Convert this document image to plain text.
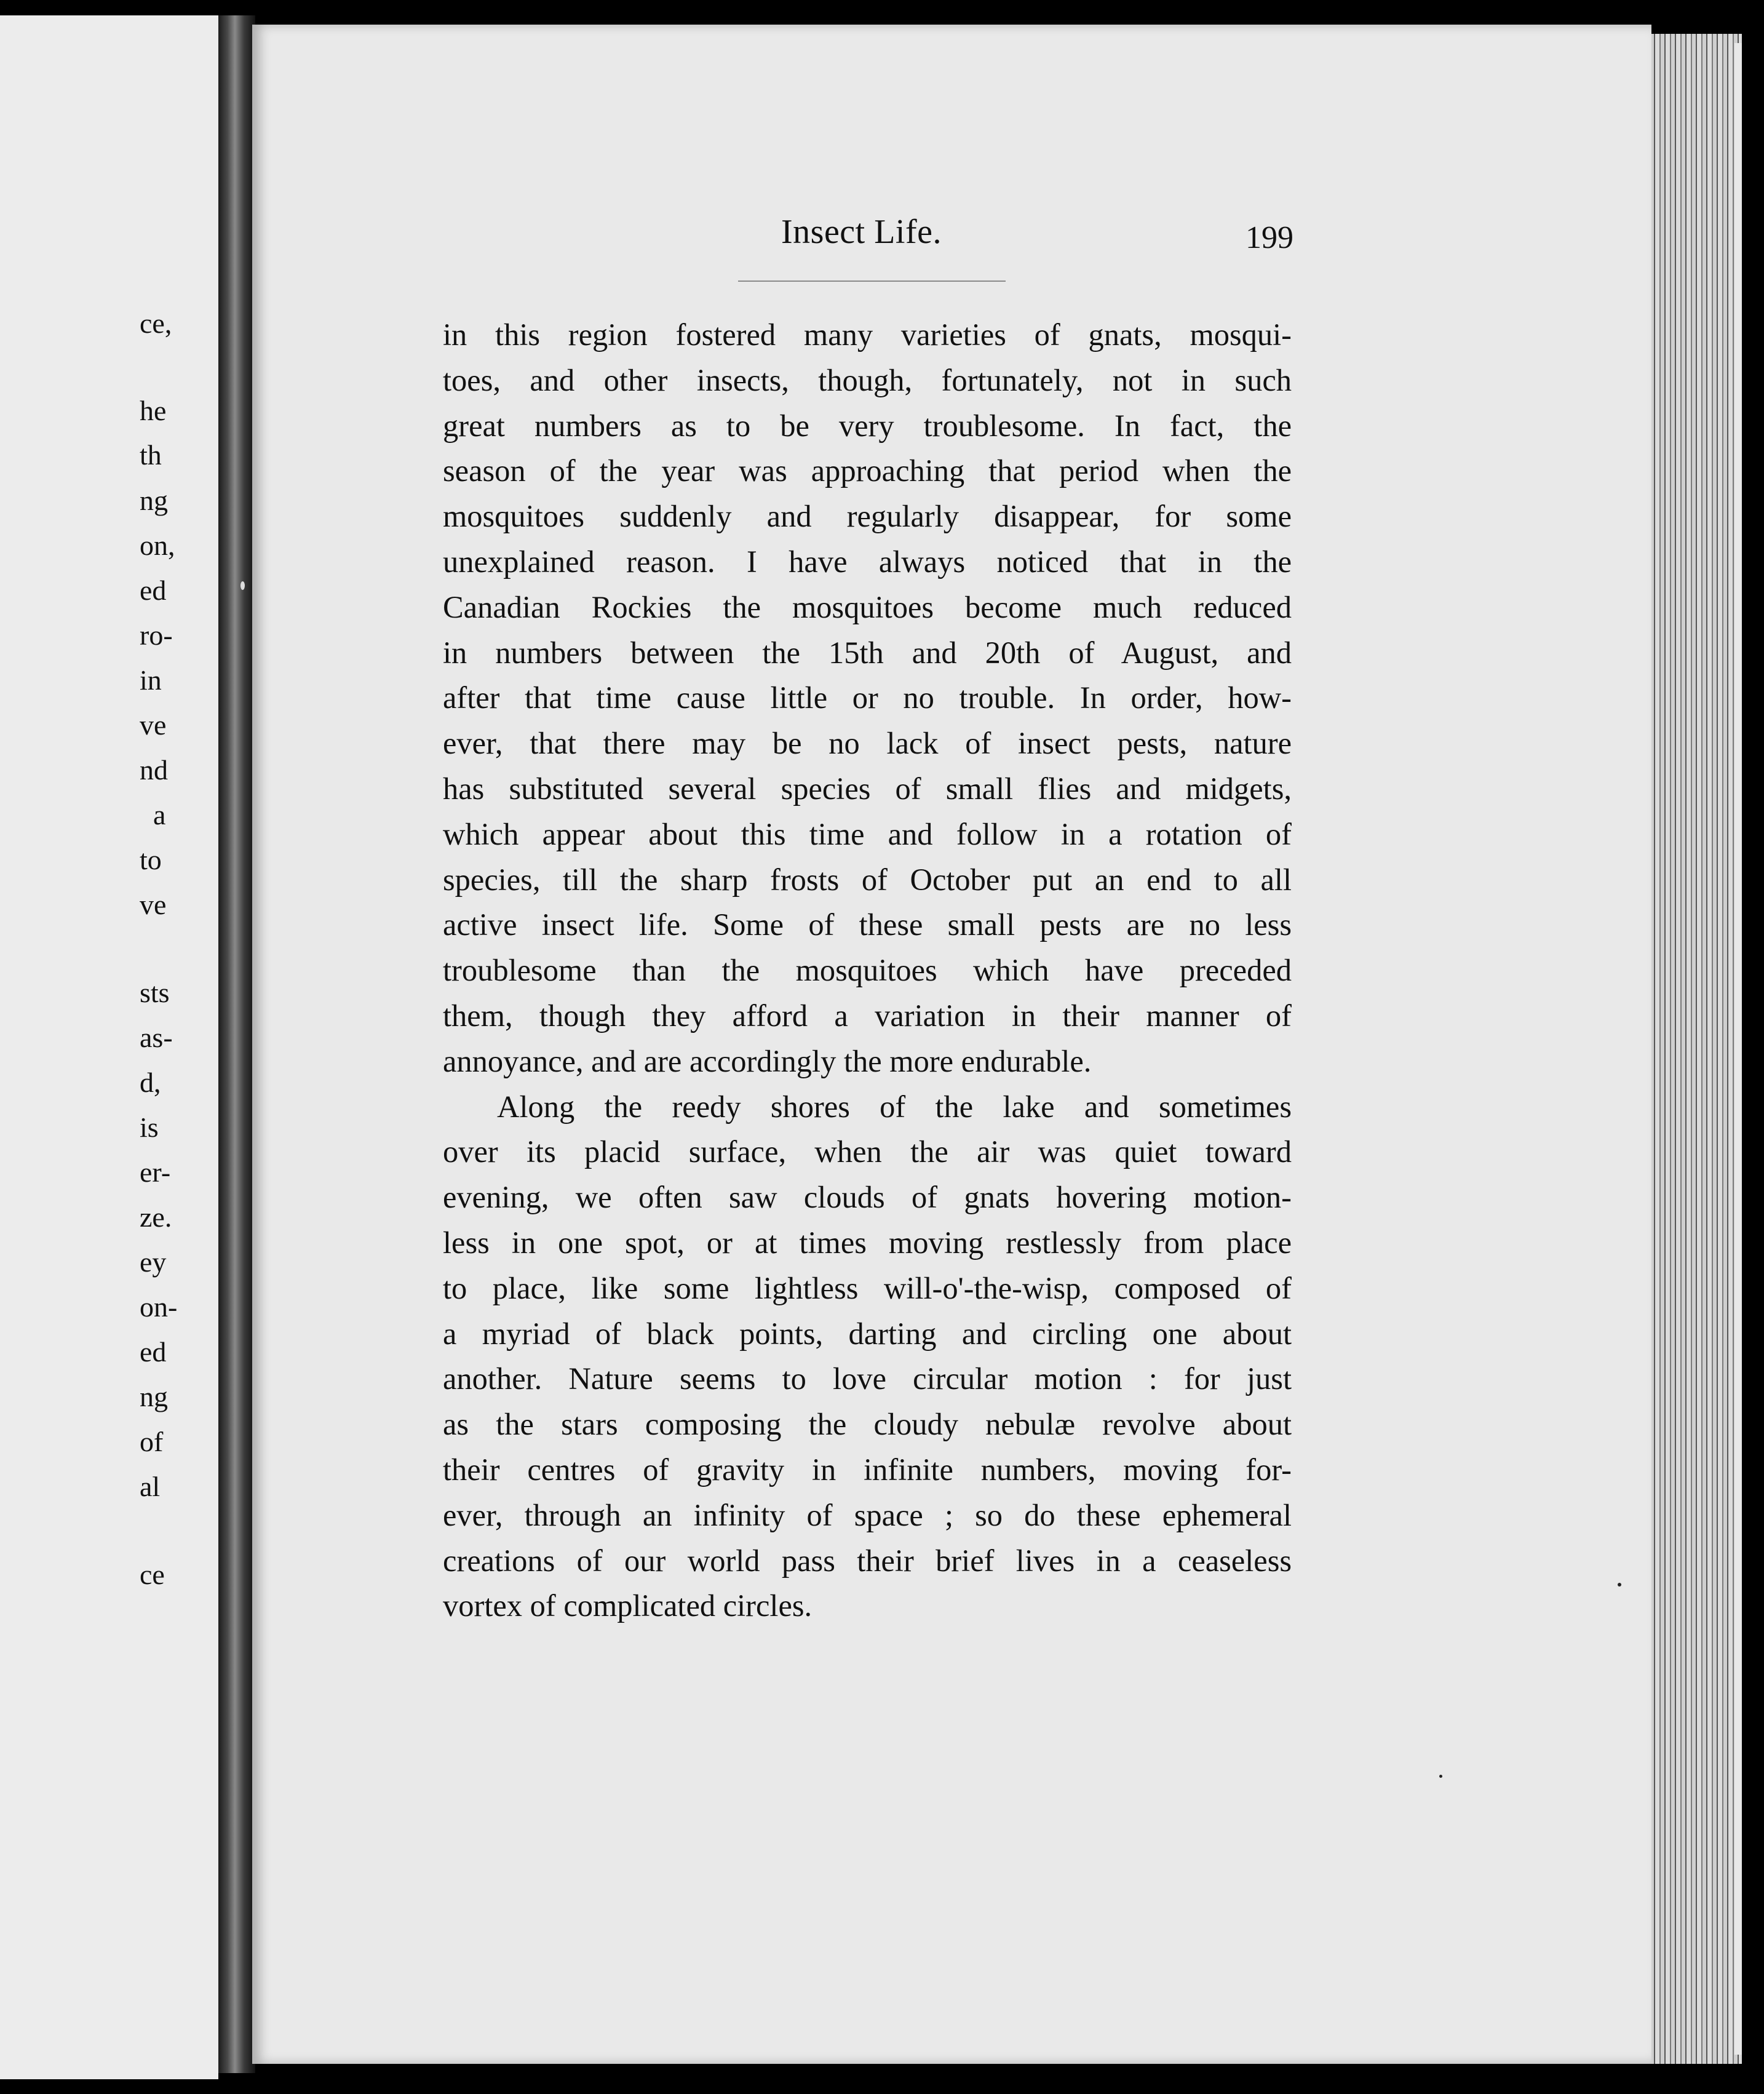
ce,
he
th
ng
on,
ed
ro-
in
ve
nd
a
to
ve
sts
as-
d,
is
er-
ze.
ey
on-
ed
ng
of
al
ce
Insect Life.	199
in this region fostered many varieties of gnats, mosqui-
toes, and other insects, though, fortunately, not in such
great numbers as to be very troublesome. In fact, the
season of the year was approaching that period when the
mosquitoes suddenly and regularly disappear, for some
unexplained reason. I have always noticed that in the
Canadian Rockies the mosquitoes become much reduced
in numbers between the 15th and 20th of August, and
after that time cause little or no trouble. In order, how-
ever, that there may be no lack of insect pests, nature
has substituted several species of small flies and midgets,
which appear about this time and follow in a rotation of
species, till the sharp frosts of October put an end to all
active insect life. Some of these small pests are no less
troublesome than the mosquitoes which have preceded
them, though they afford a variation in their manner of
annoyance, and are accordingly the more endurable.
Along the reedy shores of the lake and sometimes
over its placid surface, when the air was quiet toward
evening, we often saw clouds of gnats hovering motion-
less in one spot, or at times moving restlessly from place
to place, like some lightless will-o'-the-wisp, composed of
a myriad of black points, darting and circling one about
another. Nature seems to love circular motion : for just
as the stars composing the cloudy nebulæ revolve about
their centres of gravity in infinite numbers, moving for-
ever, through an infinity of space ; so do these ephemeral
creations of our world pass their brief lives in a ceaseless
vortex of complicated circles.
